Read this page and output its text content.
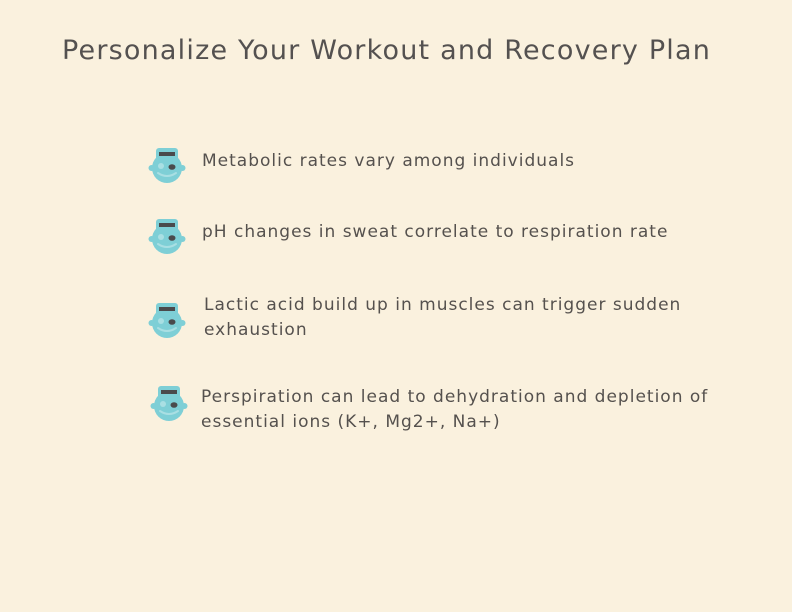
Personalize Your Workout and Recovery Plan
Metabolic rates vary among individuals
pH changes in sweat correlate to respiration rate
Lactic acid build up in muscles can trigger sudden exhaustion
Perspiration can lead to dehydration and depletion of essential ions (K+, Mg2+, Na+)
